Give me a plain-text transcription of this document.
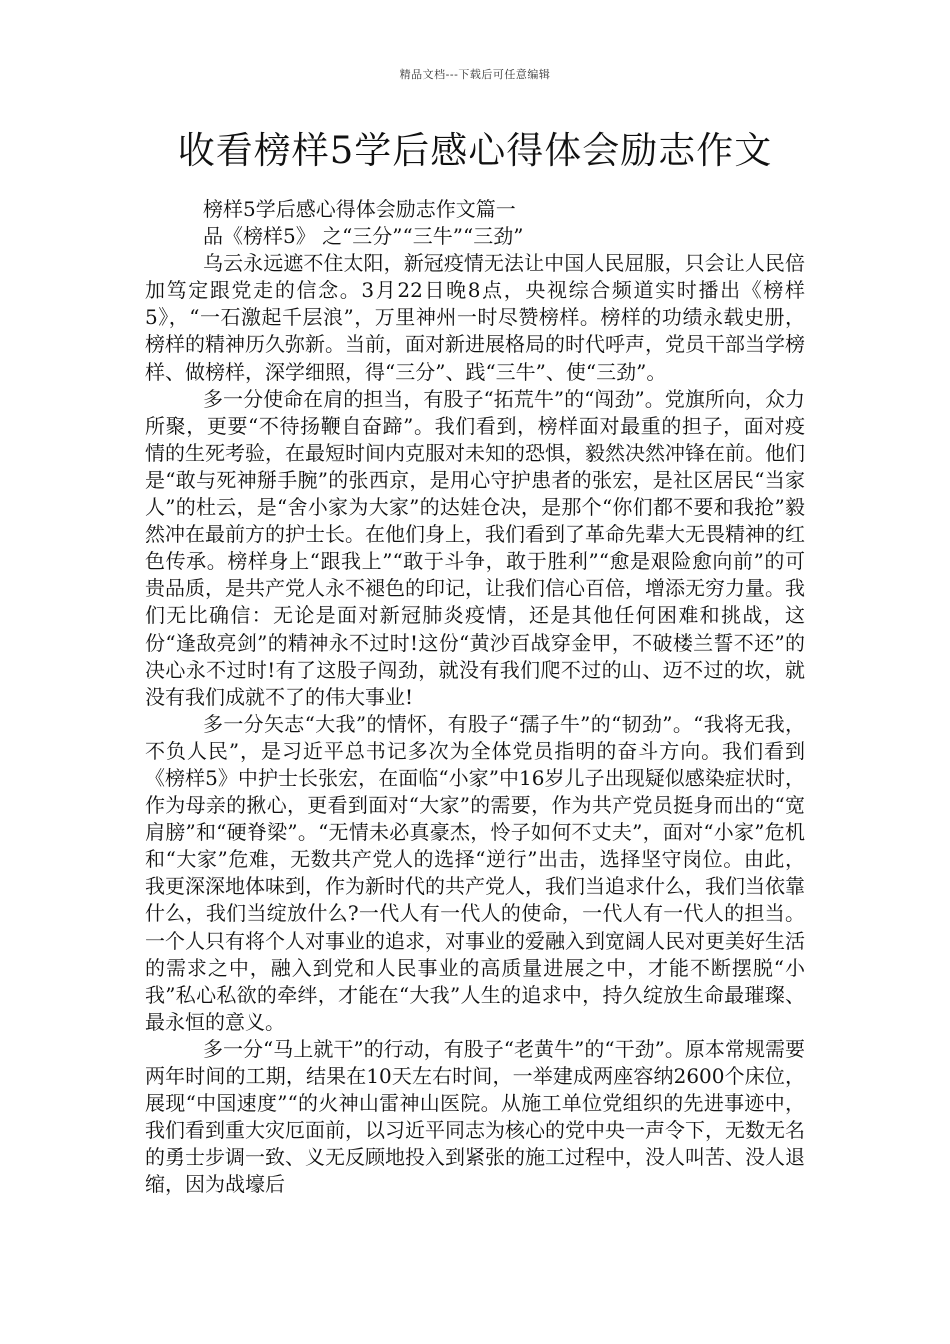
精品文档---下载后可任意编辑
收看榜样5学后感心得体会励志作文

榜样5学后感心得体会励志作文篇一

品《榜样5》 之“三分”“三牛”“三劲”

乌云永远遮不住太阳，新冠疫情无法让中国人民屈服，只会让人民倍加笃定跟党走的信念。3月22日晚8点，央视综合频道实时播出《榜样5》，“一石激起千层浪”，万里神州一时尽赞榜样。榜样的功绩永载史册，榜样的精神历久弥新。当前，面对新进展格局的时代呼声，党员干部当学榜样、做榜样，深学细照，得“三分”、践“三牛”、使“三劲”。

多一分使命在肩的担当，有股子“拓荒牛”的“闯劲”。党旗所向，众力所聚，更要“不待扬鞭自奋蹄”。我们看到，榜样面对最重的担子，面对疫情的生死考验，在最短时间内克服对未知的恐惧，毅然决然冲锋在前。他们是“敢与死神掰手腕”的张西京，是用心守护患者的张宏，是社区居民“当家人”的杜云，是“舍小家为大家”的达娃仓决，是那个“你们都不要和我抢”毅然冲在最前方的护士长。在他们身上，我们看到了革命先辈大无畏精神的红色传承。榜样身上“跟我上”“敢于斗争，敢于胜利”“愈是艰险愈向前”的可贵品质，是共产党人永不褪色的印记，让我们信心百倍，增添无穷力量。我们无比确信：无论是面对新冠肺炎疫情，还是其他任何困难和挑战，这份“逢敌亮剑”的精神永不过时!这份“黄沙百战穿金甲，不破楼兰誓不还”的决心永不过时!有了这股子闯劲，就没有我们爬不过的山、迈不过的坎，就没有我们成就不了的伟大事业!

多一分矢志“大我”的情怀，有股子“孺子牛”的“韧劲”。“我将无我，不负人民”，是习近平总书记多次为全体党员指明的奋斗方向。我们看到《榜样5》中护士长张宏，在面临“小家”中16岁儿子出现疑似感染症状时，作为母亲的揪心，更看到面对“大家”的需要，作为共产党员挺身而出的“宽肩膀”和“硬脊梁”。“无情未必真豪杰，怜子如何不丈夫”，面对“小家”危机和“大家”危难，无数共产党人的选择“逆行”出击，选择坚守岗位。由此，我更深深地体味到，作为新时代的共产党人，我们当追求什么，我们当依靠什么，我们当绽放什么?一代人有一代人的使命，一代人有一代人的担当。一个人只有将个人对事业的追求，对事业的爱融入到宽阔人民对更美好生活的需求之中，融入到党和人民事业的高质量进展之中，才能不断摆脱“小我”私心私欲的牵绊，才能在“大我”人生的追求中，持久绽放生命最璀璨、最永恒的意义。

多一分“马上就干”的行动，有股子“老黄牛”的“干劲”。原本常规需要两年时间的工期，结果在10天左右时间，一举建成两座容纳2600个床位，展现“中国速度”“的火神山雷神山医院。从施工单位党组织的先进事迹中，我们看到重大灾厄面前，以习近平同志为核心的党中央一声令下，无数无名的勇士步调一致、义无反顾地投入到紧张的施工过程中，没人叫苦、没人退缩，因为战壕后
